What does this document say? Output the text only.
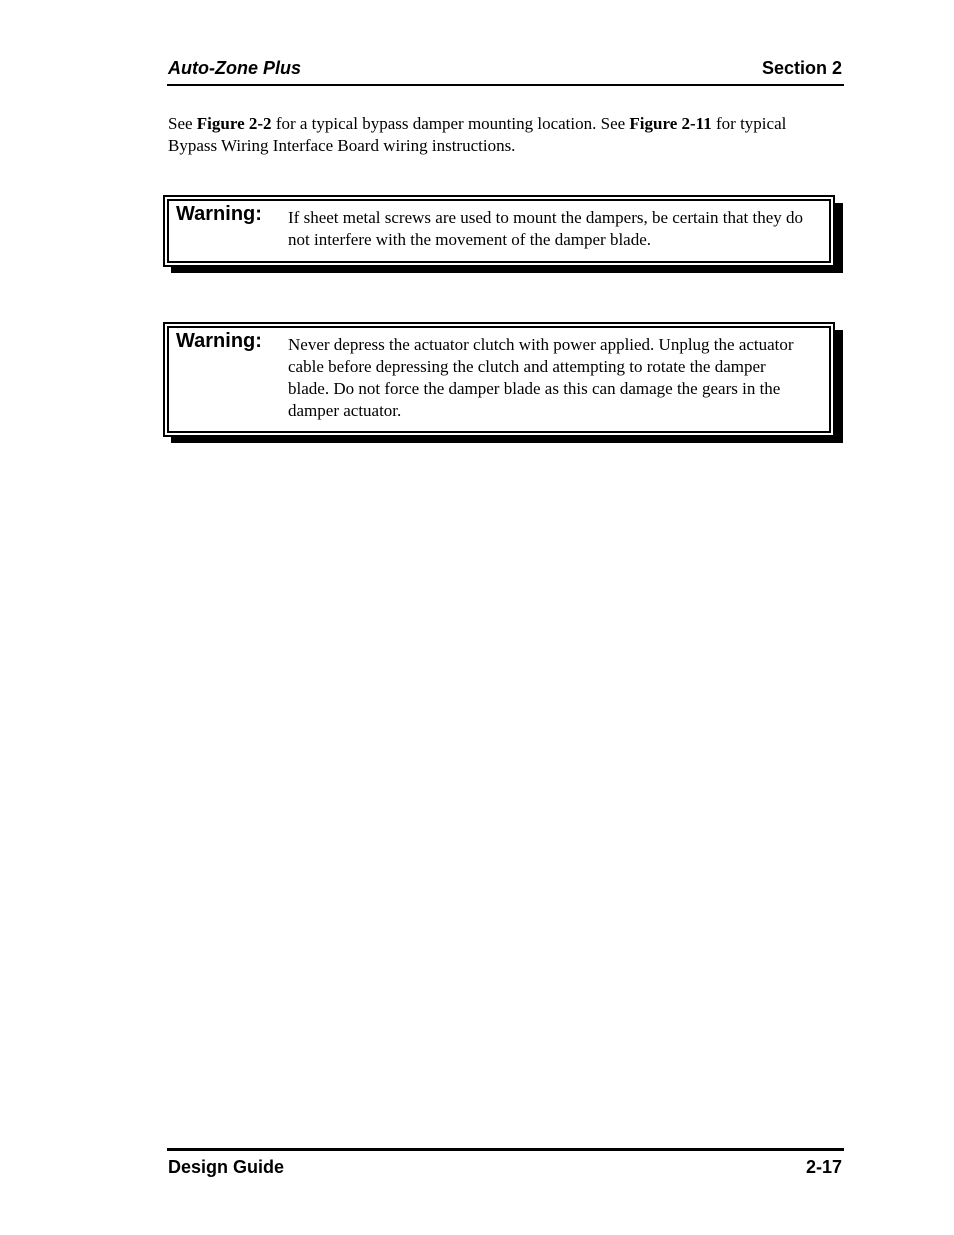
Auto-Zone Plus	Section 2
See Figure 2-2 for a typical bypass damper mounting location. See Figure 2-11 for typical Bypass Wiring Interface Board wiring instructions.
Warning: If sheet metal screws are used to mount the dampers, be certain that they do not interfere with the movement of the damper blade.
Warning: Never depress the actuator clutch with power applied. Unplug the actuator cable before depressing the clutch and attempting to rotate the damper blade. Do not force the damper blade as this can damage the gears in the damper actuator.
Design Guide	2-17
